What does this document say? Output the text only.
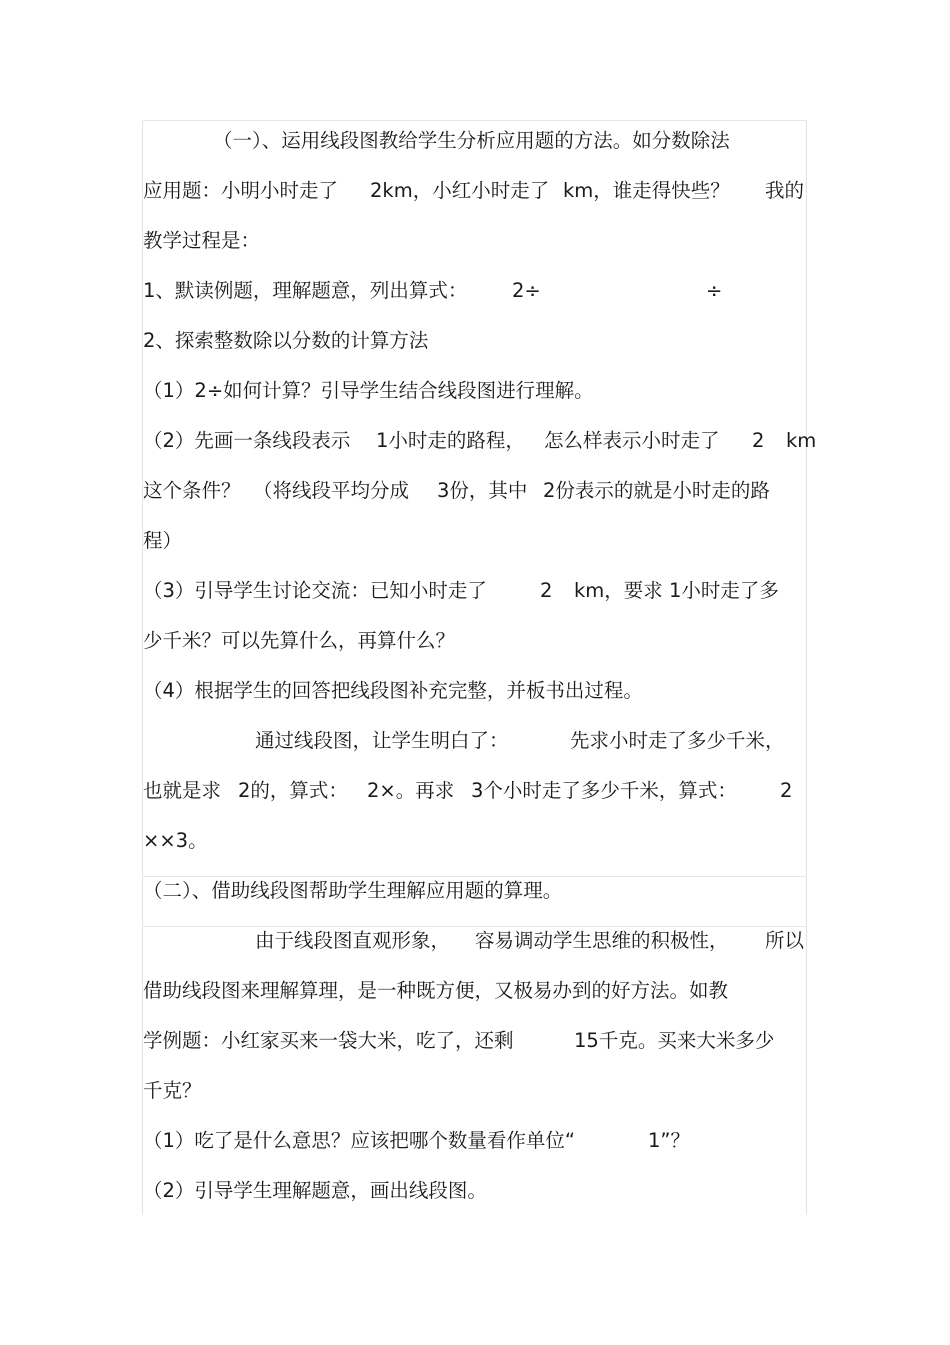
（一）、运用线段图教给学生分析应用题的方法。如分数除法
应用题：小明小时走了 2km，小红小时走了 km，谁走得快些？ 我的
教学过程是：
1、默读例题，理解题意，列出算式： 2÷	÷
2、探索整数除以分数的计算方法
（1）2÷如何计算？引导学生结合线段图进行理解。
（2）先画一条线段表示 1小时走的路程， 怎么样表示小时走了 2 km
这个条件？ （将线段平均分成 3份，其中 2份表示的就是小时走的路
程）
（3）引导学生讨论交流：已知小时走了	2 km，要求 1小时走了多
少千米？可以先算什么，再算什么？
（4）根据学生的回答把线段图补充完整，并板书出过程。
通过线段图，让学生明白了：	先求小时走了多少千米，
也就是求 2的，算式： 2×。再求 3个小时走了多少千米，算式： 2
××3。
（二）、借助线段图帮助学生理解应用题的算理。
由于线段图直观形象， 容易调动学生思维的积极性， 所以
借助线段图来理解算理，是一种既方便，又极易办到的好方法。如教
学例题：小红家买来一袋大米，吃了，还剩	15千克。买来大米多少
千克？
（1）吃了是什么意思？应该把哪个数量看作单位“	1”？
（2）引导学生理解题意，画出线段图。
